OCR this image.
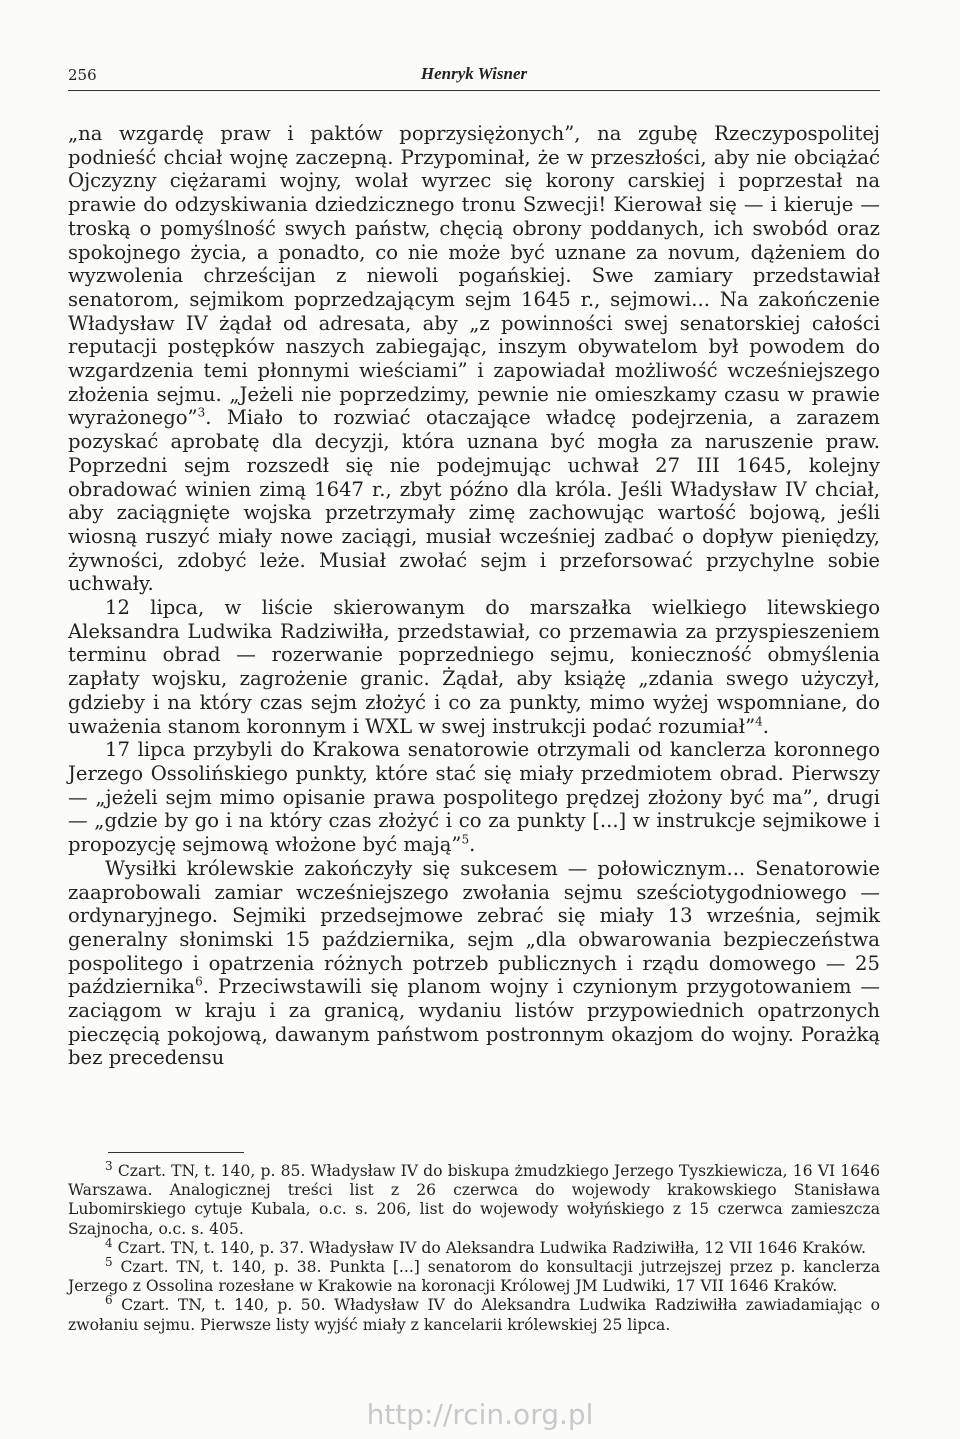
256	Henryk Wisner

„na wzgardę praw i paktów poprzysiężonych”, na zgubę Rzeczypospolitej podnieść chciał wojnę zaczepną. Przypominał, że w przeszłości, aby nie obciążać Ojczyzny ciężarami wojny, wolał wyrzec się korony carskiej i poprzestał na prawie do odzyskiwania dziedzicznego tronu Szwecji! Kierował się — i kieruje — troską o pomyślność swych państw, chęcią obrony poddanych, ich swobód oraz spokojnego życia, a ponadto, co nie może być uznane za novum, dążeniem do wyzwolenia chrześcijan z niewoli pogańskiej. Swe zamiary przedstawiał senatorom, sejmikom poprzedzającym sejm 1645 r., sejmowi... Na zakończenie Władysław IV żądał od adresata, aby „z powinności swej senatorskiej całości reputacji postępków naszych zabiegając, inszym obywatelom był powodem do wzgardzenia temi płonnymi wieściami” i zapowiadał możliwość wcześniejszego złożenia sejmu. „Jeżeli nie poprzedzimy, pewnie nie omieszkamy czasu w prawie wyrażonego”$^3$. Miało to rozwiać otaczające władcę podejrzenia, a zarazem pozyskać aprobatę dla decyzji, która uznana być mogła za naruszenie praw. Poprzedni sejm rozszedł się nie podejmując uchwał 27 III 1645, kolejny obradować winien zimą 1647 r., zbyt późno dla króla. Jeśli Władysław IV chciał, aby zaciągnięte wojska przetrzymały zimę zachowując wartość bojową, jeśli wiosną ruszyć miały nowe zaciągi, musiał wcześniej zadbać o dopływ pieniędzy, żywności, zdobyć leże. Musiał zwołać sejm i przeforsować przychylne sobie uchwały.

12 lipca, w liście skierowanym do marszałka wielkiego litewskiego Aleksandra Ludwika Radziwiłła, przedstawiał, co przemawia za przyspieszeniem terminu obrad — rozerwanie poprzedniego sejmu, konieczność obmyślenia zapłaty wojsku, zagrożenie granic. Żądał, aby książę „zdania swego użyczył, gdzieby i na który czas sejm złożyć i co za punkty, mimo wyżej wspomniane, do uważenia stanom koronnym i WXL w swej instrukcji podać rozumiał”$^4$.

17 lipca przybyli do Krakowa senatorowie otrzymali od kanclerza koronnego Jerzego Ossolińskiego punkty, które stać się miały przedmiotem obrad. Pierwszy — „jeżeli sejm mimo opisanie prawa pospolitego prędzej złożony być ma”, drugi — „gdzie by go i na który czas złożyć i co za punkty [...] w instrukcje sejmikowe i propozycję sejmową włożone być mają”$^5$.

Wysiłki królewskie zakończyły się sukcesem — połowicznym... Senatorowie zaaprobowali zamiar wcześniejszego zwołania sejmu sześciotygodniowego — ordynaryjnego. Sejmiki przedsejmowe zebrać się miały 13 września, sejmik generalny słonimski 15 października, sejm „dla obwarowania bezpieczeństwa pospolitego i opatrzenia różnych potrzeb publicznych i rządu domowego — 25 października$^6$. Przeciwstawili się planom wojny i czynionym przygotowaniem — zaciągom w kraju i za granicą, wydaniu listów przypowiednich opatrzonych pieczęcią pokojową, dawanym państwom postronnym okazjom do wojny. Porażką bez precedensu

$^3$ Czart. TN, t. 140, p. 85. Władysław IV do biskupa żmudzkiego Jerzego Tyszkiewicza, 16 VI 1646 Warszawa. Analogicznej treści list z 26 czerwca do wojewody krakowskiego Stanisława Lubomirskiego cytuje Kubala, o.c. s. 206, list do wojewody wołyńskiego z 15 czerwca zamieszcza Szajnocha, o.c. s. 405.

$^4$ Czart. TN, t. 140, p. 37. Władysław IV do Aleksandra Ludwika Radziwiłła, 12 VII 1646 Kraków.

$^5$ Czart. TN, t. 140, p. 38. Punkta [...] senatorom do konsultacji jutrzejszej przez p. kanclerza Jerzego z Ossolina rozesłane w Krakowie na koronacji Królowej JM Ludwiki, 17 VII 1646 Kraków.

$^6$ Czart. TN, t. 140, p. 50. Władysław IV do Aleksandra Ludwika Radziwiłła zawiadamiając o zwołaniu sejmu. Pierwsze listy wyjść miały z kancelarii królewskiej 25 lipca.

http://rcin.org.pl
